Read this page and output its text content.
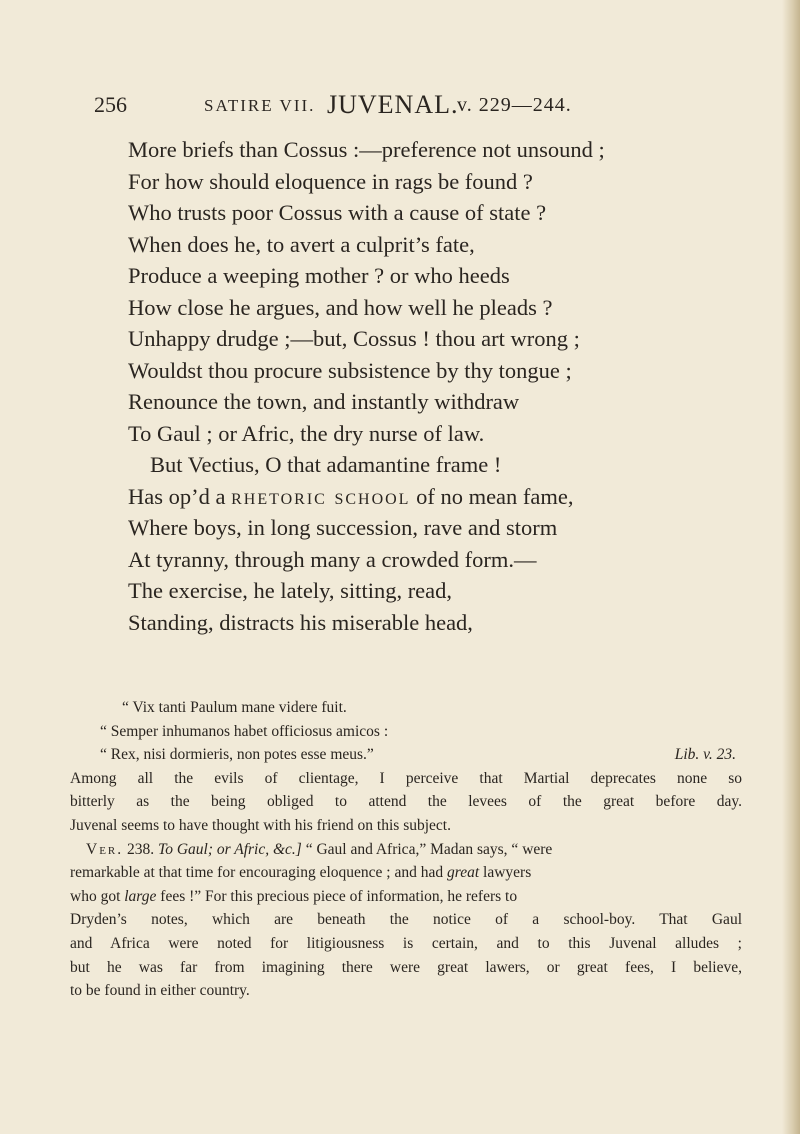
256	SATIRE VII. JUVENAL.
v. 229—244.
More briefs than Cossus :—preference not unsound ;
For how should eloquence in rags be found ?
Who trusts poor Cossus with a cause of state ?
When does he, to avert a culprit’s fate,
Produce a weeping mother ? or who heeds
How close he argues, and how well he pleads ?
Unhappy drudge ;—but, Cossus ! thou art wrong ;
Wouldst thou procure subsistence by thy tongue ;
Renounce the town, and instantly withdraw
To Gaul ; or Afric, the dry nurse of law.
But Vectius, O that adamantine frame !
Has op’d a rhetoric school of no mean fame,
Where boys, in long succession, rave and storm
At tyranny, through many a crowded form.—
The exercise, he lately, sitting, read,
Standing, distracts his miserable head,
“ Vix tanti Paulum mane videre fuit.
“ Semper inhumanos habet officiosus amicos :
“ Rex, nisi dormieris, non potes esse meus.”	Lib. v. 23.
Among all the evils of clientage, I perceive that Martial deprecates none so
bitterly as the being obliged to attend the levees of the great before day.
Juvenal seems to have thought with his friend on this subject.
Ver. 238. To Gaul; or Afric, &c.] “ Gaul and Africa,” Madan says, “ were
remarkable at that time for encouraging eloquence ; and had great lawyers
who got large fees !” For this precious piece of information, he refers to
Dryden’s notes, which are beneath the notice of a school-boy. That Gaul
and Africa were noted for litigiousness is certain, and to this Juvenal alludes ;
but he was far from imagining there were great lawers, or great fees, I believe,
to be found in either country.
